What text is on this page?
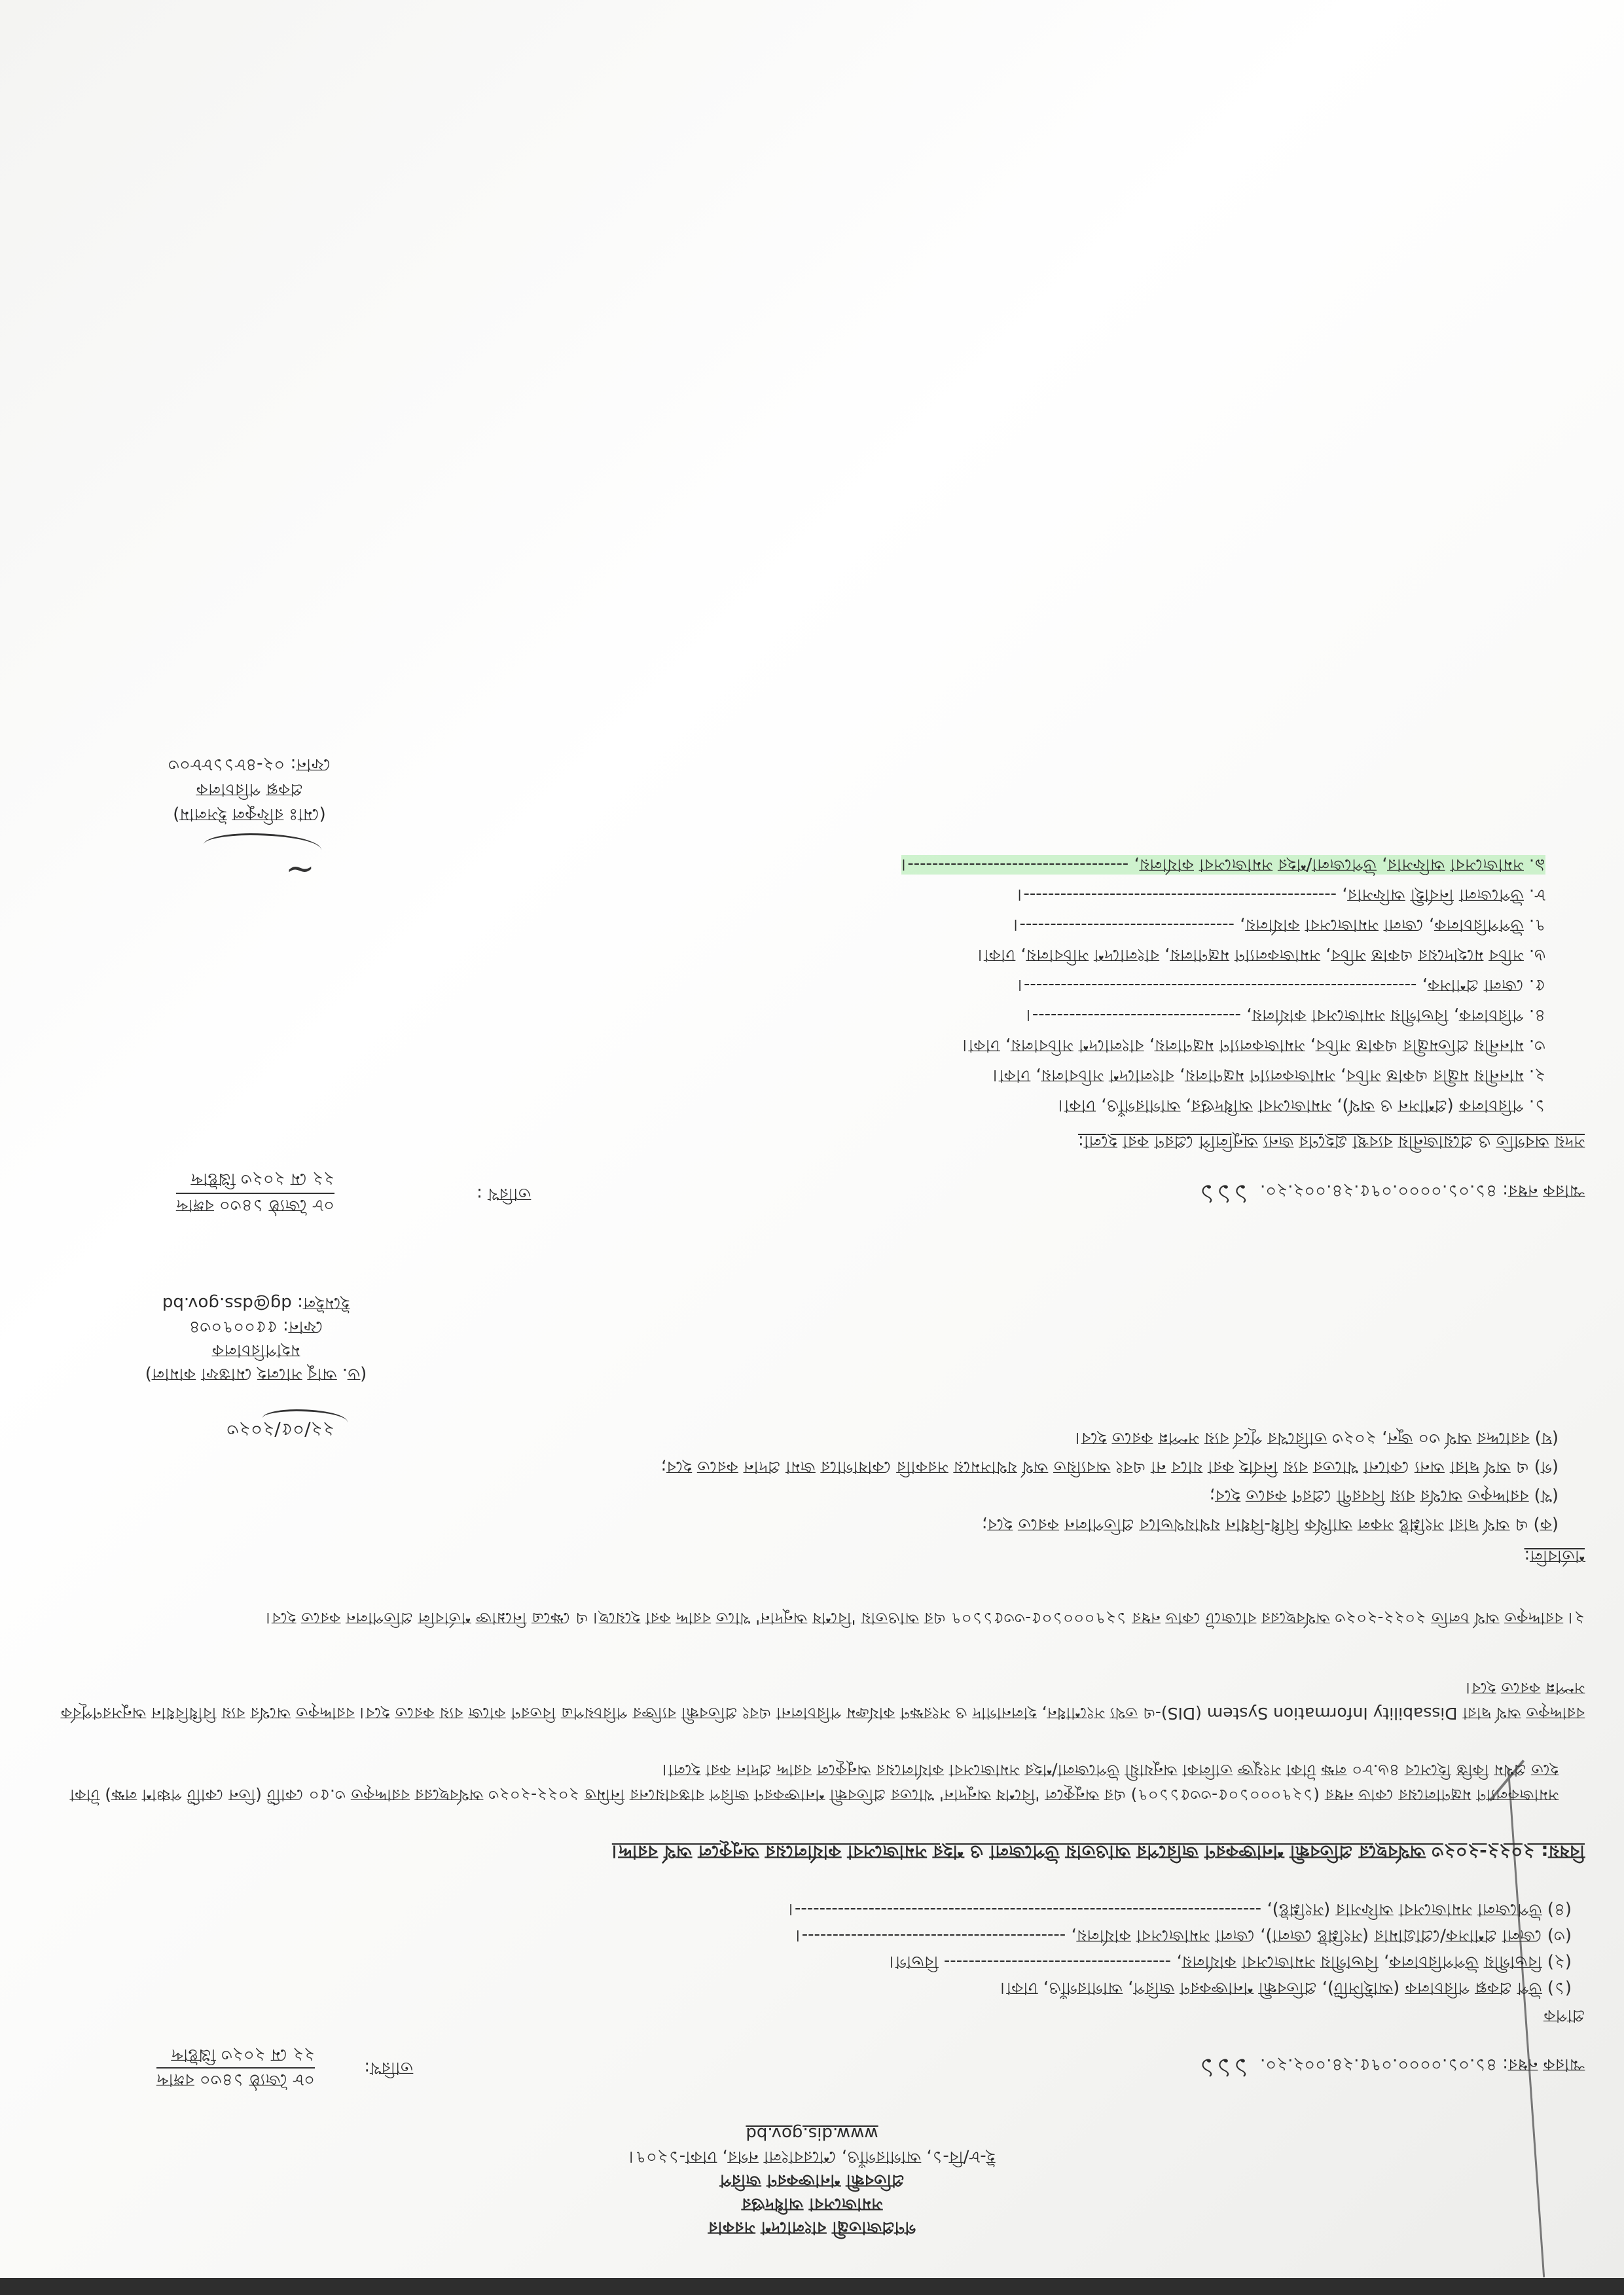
গণপ্রজাতন্ত্রী বাংলাদেশ সরকার
সমাজসেবা অধিদপ্তর
প্রতিবন্ধী শনাক্তকরণ জরিপ
ই-৮/বি-১, আগারগাঁও, শেরেবাংলা নগর, ঢাকা-১২০৭।
www.dis.gov.bd
স্মারক নম্বর: ৪১.০১.০০০০.০৭৫.২৪.০০২.২০. ১১১
তারিখ:
০৮ জ্যৈষ্ঠ ১৪৩০ বঙ্গাব্দ
২২ মে ২০২৩ খ্রিষ্টাব্দ
প্রাপক
(১) উপ প্রকল্প পরিচালক (আইসিটি), প্রতিবন্ধী শনাক্তকরণ জরিপ, আগারগাঁও, ঢাকা।
(২) বিভাগীয় উপপরিচালক, বিভাগীয় সমাজসেবা কার্যালয়, ------------------------------------- বিভাগ।
(৩) জেলা প্রশাসক/প্রোগ্রামার (সংশ্লিষ্ট জেলা), জেলা সমাজসেবা কার্যালয়, -------------------------------------------।
(৪) উপজেলা সমাজসেবা অফিসার (সংশ্লিষ্ট), ----------------------------------------------------------------------------।
বিষয়: ২০২২-২০২৩ অর্থবছরে প্রতিবন্ধী শনাক্তকরণ জরিপের আওতায় উপজেলা ও শহর সমাজসেবা কার্যালয়ের অনুকূলে অর্থ বরাদ্দ।
সমাজকল্যাণ মন্ত্রণালয়ের কোড নম্বর (১২৭০০০১০৫-৩৩৫১১০৭) এর অনুকূলে 'বিশেষ অনুদান' খাতের প্রতিবন্ধী শনাক্তকরণ জরিপ বাস্তবায়নের নিমিত্ত ২০২২-২০২৩ অর্থবছরের বরাদ্দকৃত ৩.৫০ কোটি (তিন কোটি পঞ্চাশ লক্ষ) টাকা হতে প্রথম কিস্তি হিসেবে ৪৬.৮০ লক্ষ টাকা সংযুক্ত তালিকা অনুযায়ী উপজেলা/শহর সমাজসেবা কার্যালয়ের অনুকূলে বরাদ্দ প্রদান করা হলো।
বরাদ্দকৃত অর্থ দ্বারা Dissability Information System (DIS)-এ তথ্য সংশোধন, হালনাগাদ ও সংরক্ষণ কার্যক্রম পরিচালনা এবং প্রতিবন্ধী ব্যক্তির পরিচয়পত্র বিতরণ কাজে ব্যয় করতে হবে। বরাদ্দকৃত অর্থের ব্যয় বিধিবিধান অনুসরণপূর্বক সম্পন্ন করতে হবে।
২। বরাদ্দকৃত অর্থ চলতি ২০২২-২০২৩ অর্থবছরের বাজেটে কোড নম্বর ১২৭০০০১০৫-৩৩৫১১০৭ এর আওতায় 'বিশেষ অনুদান' খাতে বরাদ্দ করা হয়েছে। এ ক্ষেত্রে নিম্নোক্ত শর্তাবলি প্রতিপালন করতে হবে।
শর্তাবলি:
(ক) এ অর্থ দ্বারা সংশ্লিষ্ট সকল আর্থিক বিধি-বিধান যথাযথভাবে প্রতিপালন করতে হবে;
(খ) বরাদ্দকৃত অর্থের ব্যয় বিবরণী প্রেরণ করতে হবে;
(গ) এ অর্থ দ্বারা অন্য কোনো খাতের ব্যয় নির্বাহ করা যাবে না এবং অব্যয়িত অর্থ যথাসময়ে সরকারি কোষাগারে জমা প্রদান করতে হবে;
(ঘ) বরাদ্দের অর্থ ৩০ জুন, ২০২৩ তারিখের পূর্বে ব্যয় সম্পন্ন করতে হবে।
২২/০৫/২০২৩
(ড. আবু সালেহ মোস্তফা কামাল)
মহাপরিচালক
ফোন: ৫৫০০৭০৩৪
ইমেইল: dg@dss.gov.bd
স্মারক নম্বর: ৪১.০১.০০০০.০৭৫.২৪.০০২.২০. ১১১
তারিখ :
০৮ জ্যৈষ্ঠ ১৪৩০ বঙ্গাব্দ
২২ মে ২০২৩ খ্রিষ্টাব্দ
সদয় অবগতি ও প্রয়োজনীয় ব্যবস্থা গ্রহণের জন্য অনুলিপি প্রেরণ করা হলো:
১. পরিচালক (প্রশাসন ও অর্থ), সমাজসেবা অধিদপ্তর, আগারগাঁও, ঢাকা।
২. মাননীয় মন্ত্রীর একান্ত সচিব, সমাজকল্যাণ মন্ত্রণালয়, বাংলাদেশ সচিবালয়, ঢাকা।
৩. মাননীয় প্রতিমন্ত্রীর একান্ত সচিব, সমাজকল্যাণ মন্ত্রণালয়, বাংলাদেশ সচিবালয়, ঢাকা।
৪. পরিচালক, বিভাগীয় সমাজসেবা কার্যালয়, ----------------------------------।
৫. জেলা প্রশাসক, ----------------------------------------------------------------।
৬. সচিব মহোদয়ের একান্ত সচিব, সমাজকল্যাণ মন্ত্রণালয়, বাংলাদেশ সচিবালয়, ঢাকা।
৭. উপপরিচালক, জেলা সমাজসেবা কার্যালয়, -----------------------------------।
৮. উপজেলা নির্বাহী অফিসার, ---------------------------------------------------।
৯. সমাজসেবা অফিসার, উপজেলা/শহর সমাজসেবা কার্যালয়, ------------------------------------।
~
(মোঃ রফিকুল ইসলাম)
প্রকল্প পরিচালক
ফোন: ০২-৪৮১১৮৮০৩
